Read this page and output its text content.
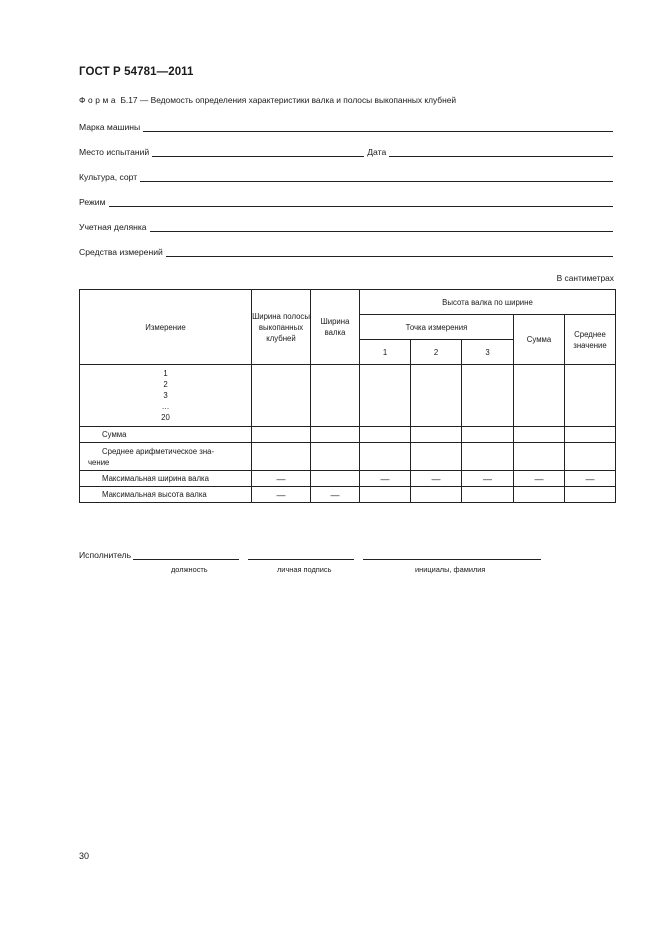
ГОСТ Р 54781—2011
Форма Б.17 — Ведомость определения характеристики валка и полосы выкопанных клубней
Марка машины
Место испытаний	Дата
Культура, сорт
Режим
Учетная делянка
Средства измерений
В сантиметрах
Измерение	Ширина полосы выкопанных клубней	Ширина валка	Высота валка по ширине				
			Точка измерения			Сумма	Среднее значение
			1	2	3		

1
2
3
…
20							

Сумма							

Среднее арифметическое зна-
чение							

Максимальная ширина валка	—		—	—	—	—	—
Максимальная высота валка	—	—					
Исполнитель
должность	личная подпись	инициалы, фамилия
30
